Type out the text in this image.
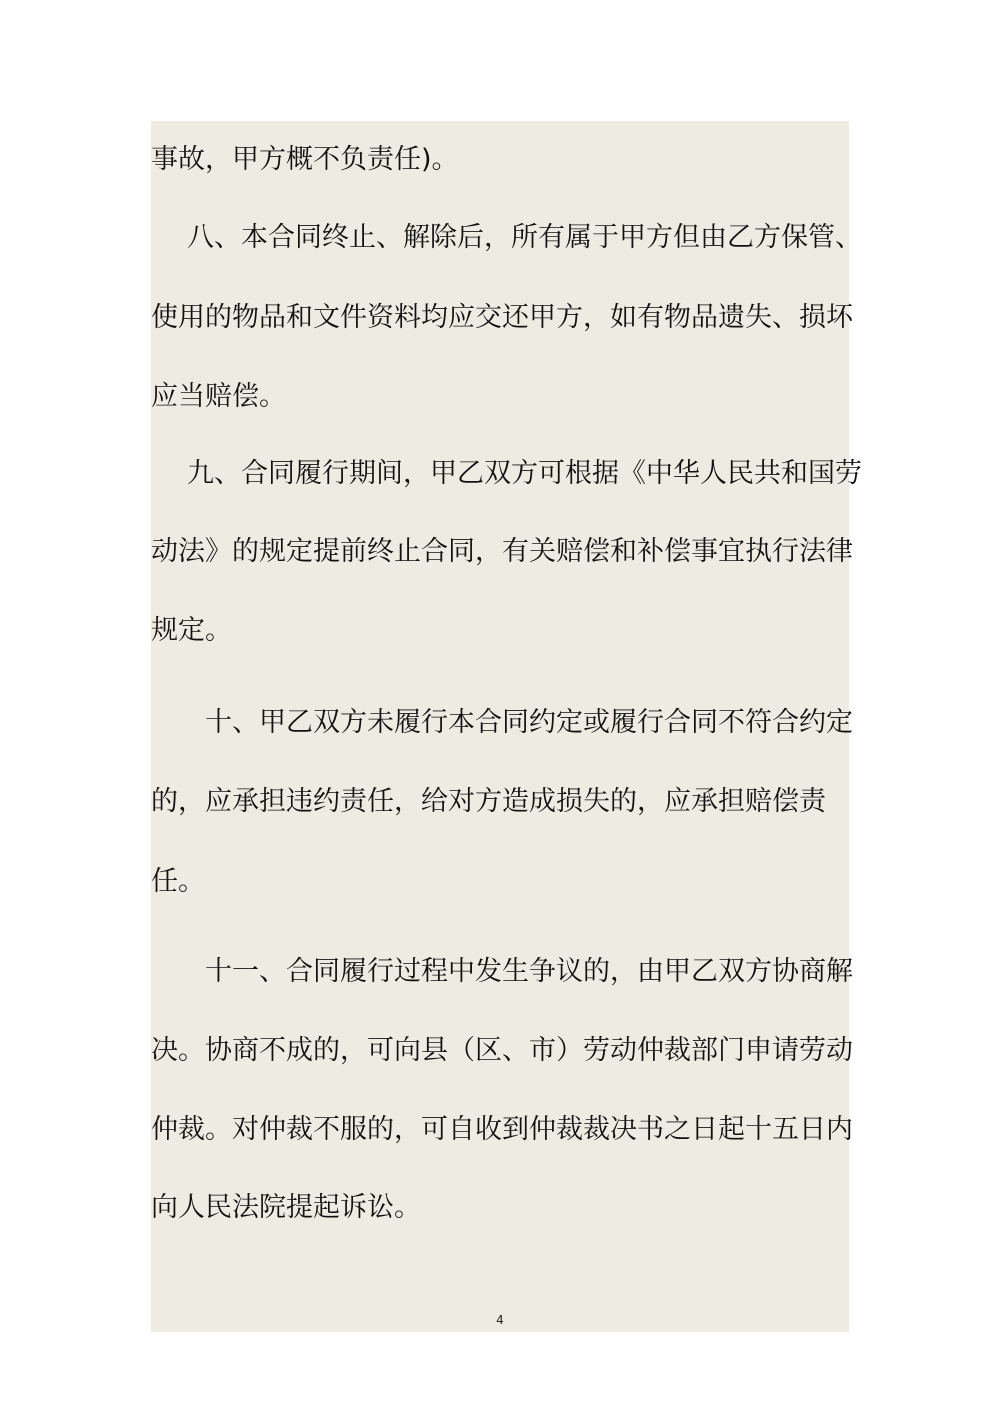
事故，甲方概不负责任)。
八、本合同终止、解除后，所有属于甲方但由乙方保管、
使用的物品和文件资料均应交还甲方，如有物品遗失、损坏
应当赔偿。
九、合同履行期间，甲乙双方可根据《中华人民共和国劳
动法》的规定提前终止合同，有关赔偿和补偿事宜执行法律
规定。
十、甲乙双方未履行本合同约定或履行合同不符合约定
的，应承担违约责任，给对方造成损失的，应承担赔偿责
任。
十一、合同履行过程中发生争议的，由甲乙双方协商解
决。协商不成的，可向县（区、市）劳动仲裁部门申请劳动
仲裁。对仲裁不服的，可自收到仲裁裁决书之日起十五日内
向人民法院提起诉讼。
4
